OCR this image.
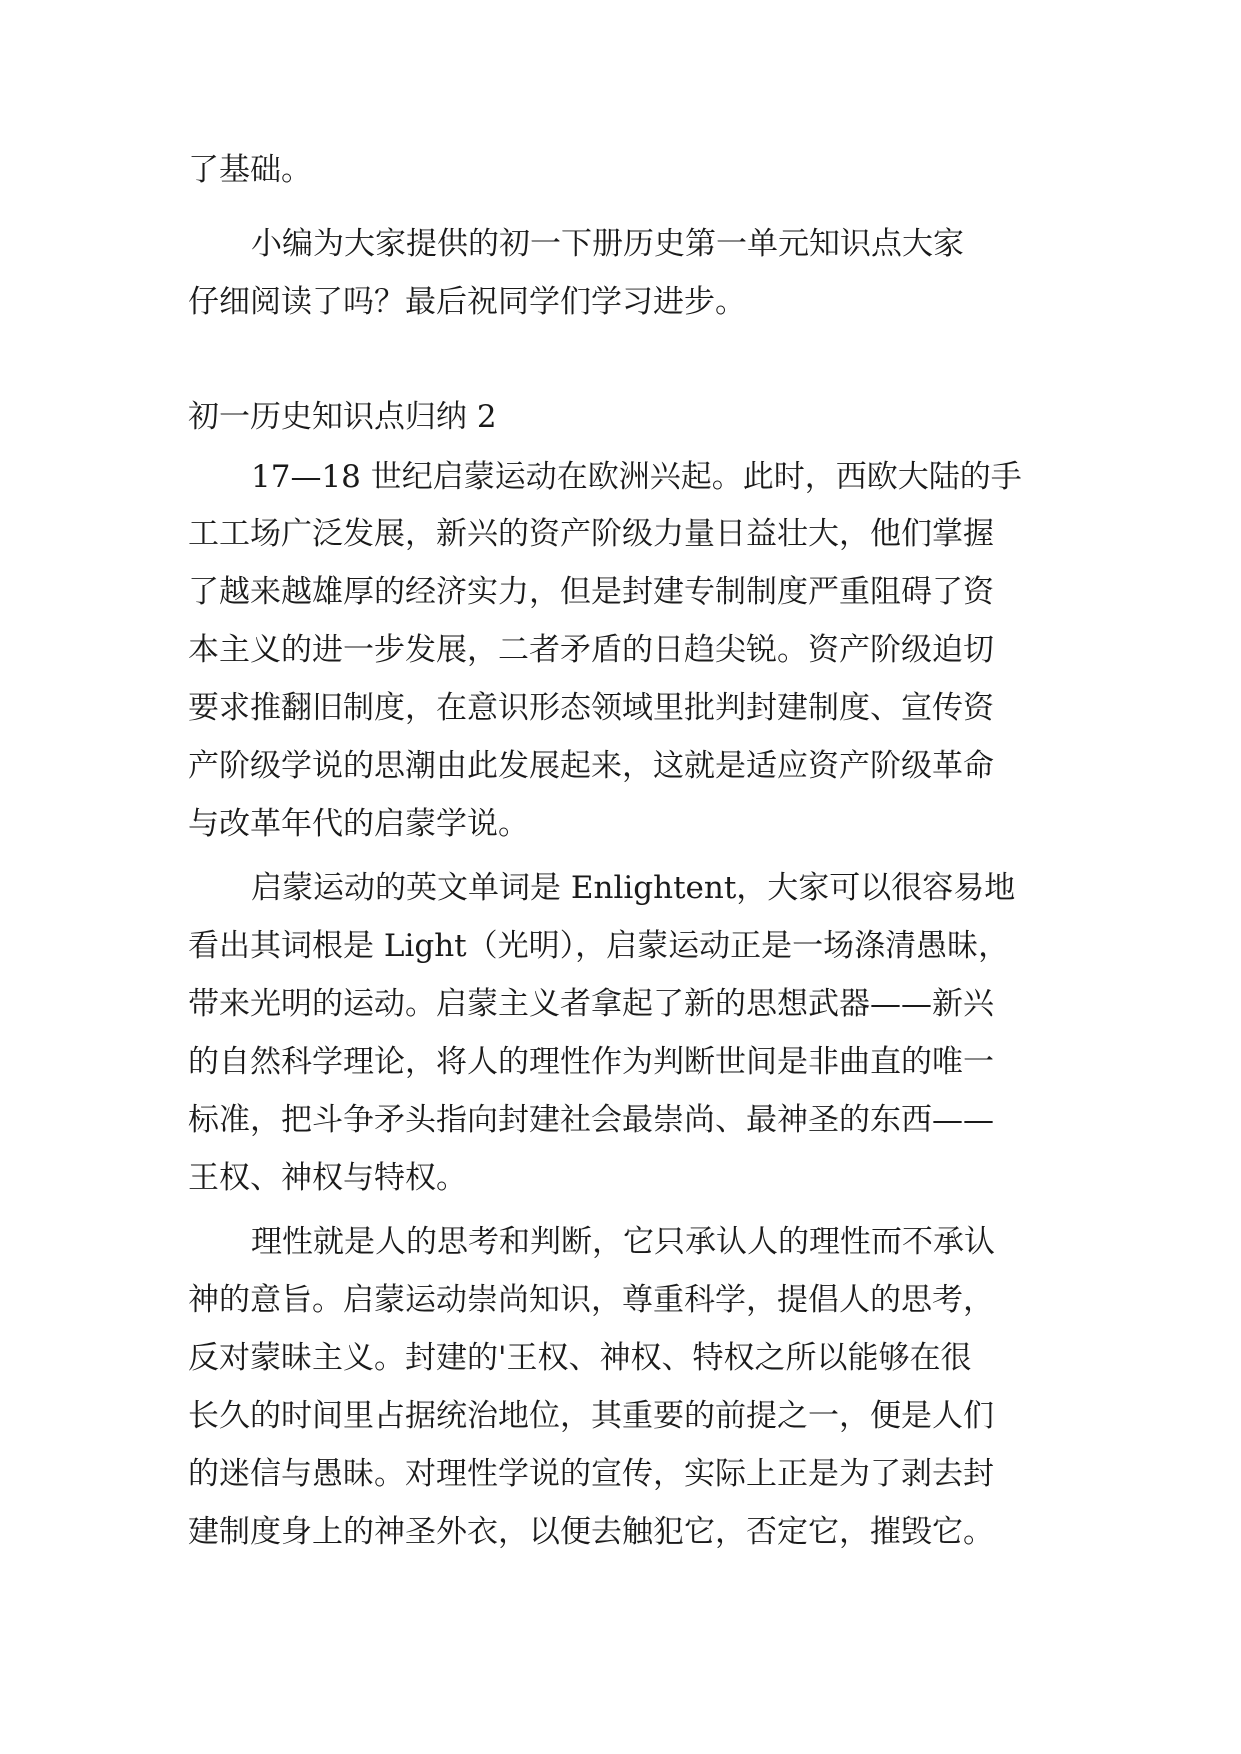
了基础。

小编为大家提供的初一下册历史第一单元知识点大家

仔细阅读了吗？最后祝同学们学习进步。

初一历史知识点归纳 2

17—18 世纪启蒙运动在欧洲兴起。此时，西欧大陆的手

工工场广泛发展，新兴的资产阶级力量日益壮大，他们掌握

了越来越雄厚的经济实力，但是封建专制制度严重阻碍了资

本主义的进一步发展，二者矛盾的日趋尖锐。资产阶级迫切

要求推翻旧制度，在意识形态领域里批判封建制度、宣传资

产阶级学说的思潮由此发展起来，这就是适应资产阶级革命

与改革年代的启蒙学说。

启蒙运动的英文单词是 Enlightent，大家可以很容易地

看出其词根是 Light（光明），启蒙运动正是一场涤清愚昧，

带来光明的运动。启蒙主义者拿起了新的思想武器——新兴

的自然科学理论，将人的理性作为判断世间是非曲直的唯一

标准，把斗争矛头指向封建社会最崇尚、最神圣的东西——

王权、神权与特权。

理性就是人的思考和判断，它只承认人的理性而不承认

神的意旨。启蒙运动崇尚知识，尊重科学，提倡人的思考，

反对蒙昧主义。封建的'王权、神权、特权之所以能够在很

长久的时间里占据统治地位，其重要的前提之一，便是人们

的迷信与愚昧。对理性学说的宣传，实际上正是为了剥去封

建制度身上的神圣外衣，以便去触犯它，否定它，摧毁它。
